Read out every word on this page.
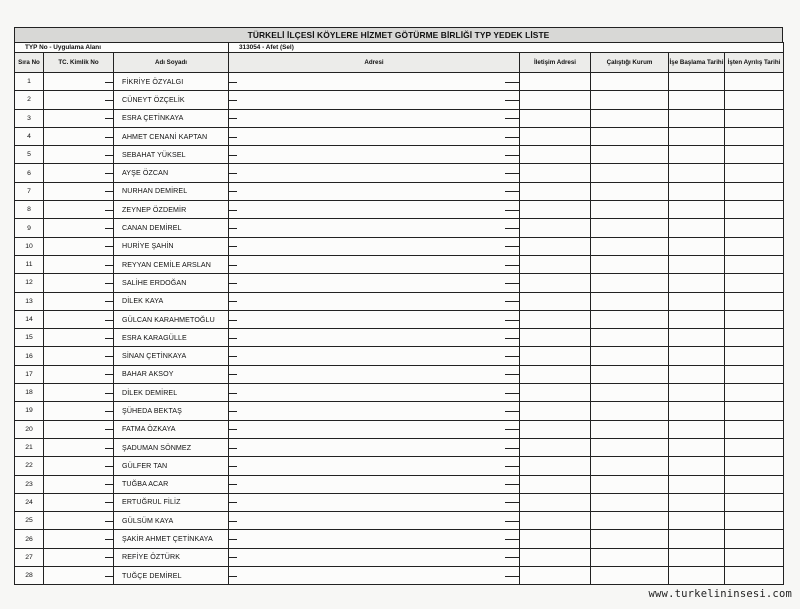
TÜRKELİ İLÇESİ KÖYLERE HİZMET GÖTÜRME BİRLİĞİ TYP YEDEK LİSTE
TYP No - Uygulama Alanı			313054 - Afet (Sel)				
Sıra No	TC. Kimlik No	Adı Soyadı	Adresi	İletişim Adresi	Çalıştığı Kurum	İşe Başlama Tarihi	İşten Ayrılış Tarihi
1		FİKRİYE ÖZYALGI	

2		CÜNEYT ÖZÇELİK	

3		ESRA ÇETİNKAYA	

4		AHMET CENANİ KAPTAN	

5		SEBAHAT YÜKSEL	

6		AYŞE ÖZCAN	

7		NURHAN DEMİREL	

8		ZEYNEP ÖZDEMİR	

9		CANAN DEMİREL	

10		HURİYE ŞAHİN	

11		REYYAN CEMİLE ARSLAN	

12		SALİHE ERDOĞAN	

13		DİLEK KAYA	

14		GÜLCAN KARAHMETOĞLU	

15		ESRA KARAGÜLLE	

16		SİNAN ÇETİNKAYA	

17		BAHAR AKSOY	

18		DİLEK DEMİREL	

19		ŞÜHEDA BEKTAŞ	

20		FATMA ÖZKAYA	

21		ŞADUMAN SÖNMEZ	

22		GÜLFER TAN	

23		TUĞBA ACAR	

24		ERTUĞRUL FİLİZ	

25		GÜLSÜM KAYA	

26		ŞAKİR AHMET ÇETİNKAYA	

27		REFİYE ÖZTÜRK	

28		TUĞÇE DEMİREL	

www.turkelininsesi.com
